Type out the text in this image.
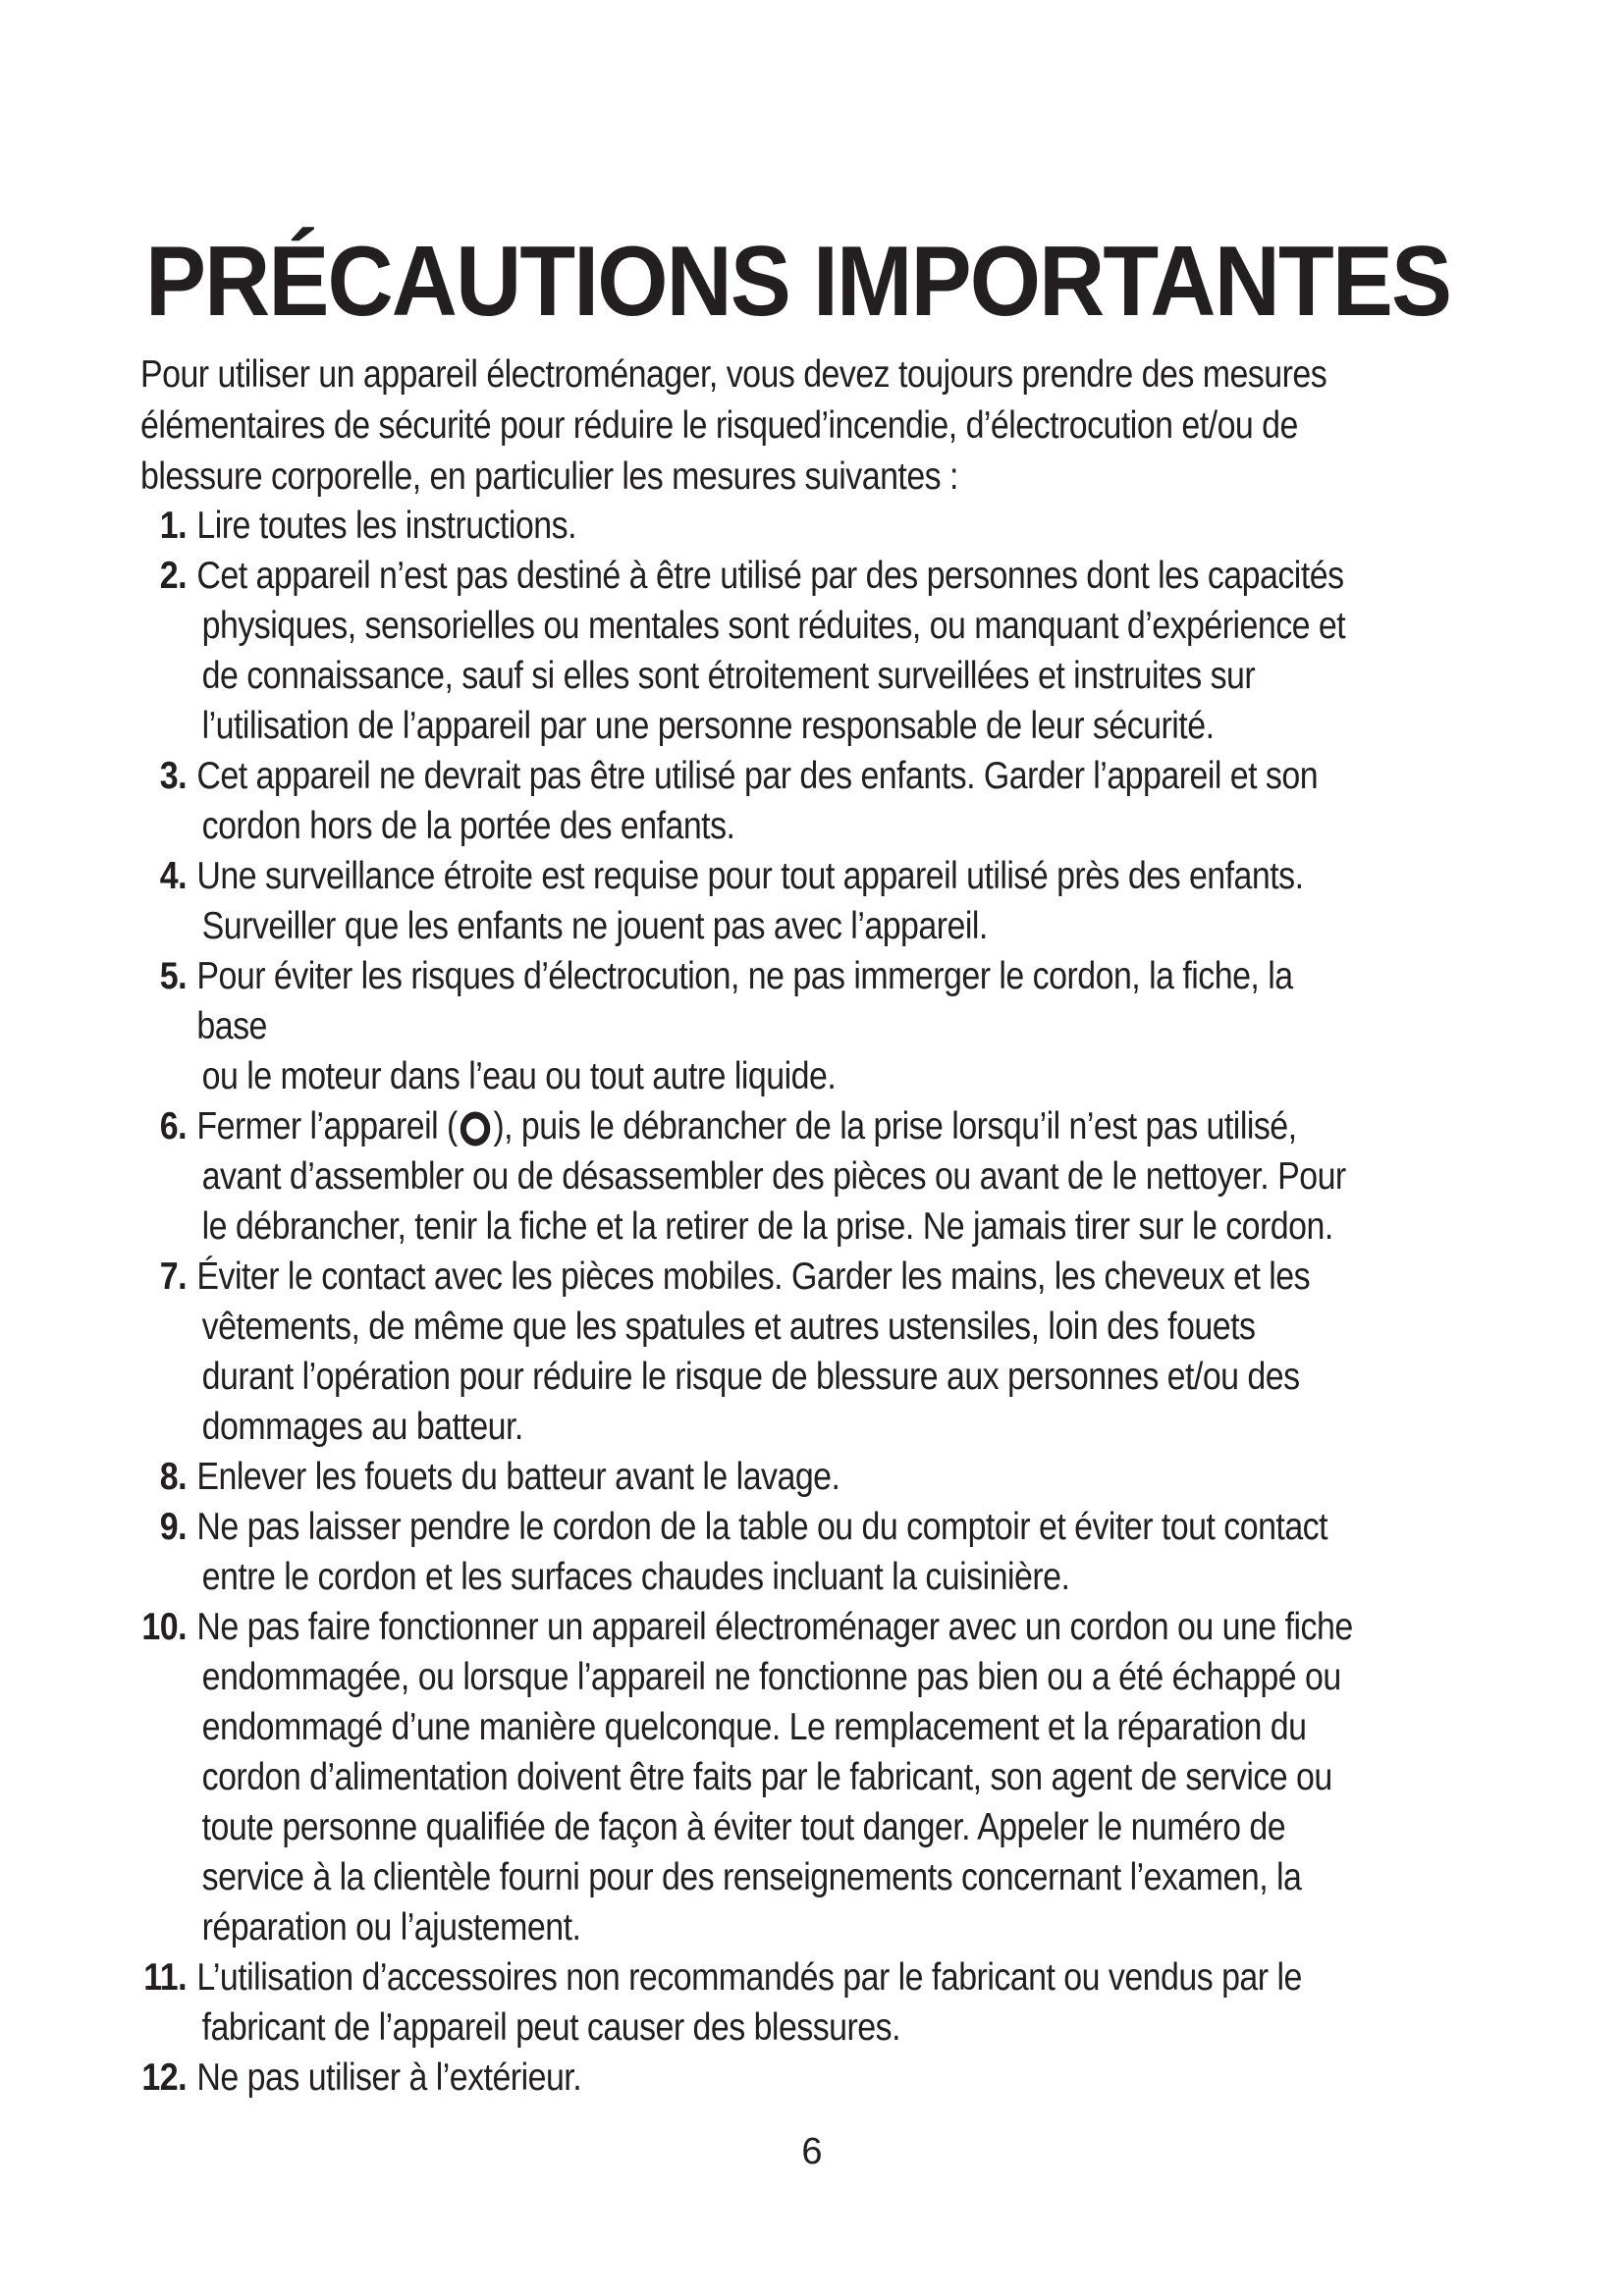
PRÉCAUTIONS IMPORTANTES

Pour utiliser un appareil électroménager, vous devez toujours prendre des mesures élémentaires de sécurité pour réduire le risqued’incendie, d’électrocution et/ou de blessure corporelle, en particulier les mesures suivantes :

1. Lire toutes les instructions.
2. Cet appareil n’est pas destiné à être utilisé par des personnes dont les capacités
physiques, sensorielles ou mentales sont réduites, ou manquant d’expérience et de connaissance, sauf si elles sont étroitement surveillées et instruites sur l’utilisation de l’appareil par une personne responsable de leur sécurité.
3. Cet appareil ne devrait pas être utilisé par des enfants. Garder l’appareil et son
cordon hors de la portée des enfants.
4. Une surveillance étroite est requise pour tout appareil utilisé près des enfants.
Surveiller que les enfants ne jouent pas avec l’appareil.
5. Pour éviter les risques d’électrocution, ne pas immerger le cordon, la fiche, la base
ou le moteur dans l’eau ou tout autre liquide.
6. Fermer l’appareil ( ), puis le débrancher de la prise lorsqu’il n’est pas utilisé,
avant d’assembler ou de désassembler des pièces ou avant de le nettoyer. Pour le débrancher, tenir la fiche et la retirer de la prise. Ne jamais tirer sur le cordon.
7. Éviter le contact avec les pièces mobiles. Garder les mains, les cheveux et les
vêtements, de même que les spatules et autres ustensiles, loin des fouets durant l’opération pour réduire le risque de blessure aux personnes et/ou des dommages au batteur.
8. Enlever les fouets du batteur avant le lavage.
9. Ne pas laisser pendre le cordon de la table ou du comptoir et éviter tout contact
entre le cordon et les surfaces chaudes incluant la cuisinière.
10. Ne pas faire fonctionner un appareil électroménager avec un cordon ou une fiche
endommagée, ou lorsque l’appareil ne fonctionne pas bien ou a été échappé ou endommagé d’une manière quelconque. Le remplacement et la réparation du cordon d’alimentation doivent être faits par le fabricant, son agent de service ou toute personne qualifiée de façon à éviter tout danger. Appeler le numéro de service à la clientèle fourni pour des renseignements concernant l’examen, la réparation ou l’ajustement.
11. L’utilisation d’accessoires non recommandés par le fabricant ou vendus par le
fabricant de l’appareil peut causer des blessures.
12. Ne pas utiliser à l’extérieur.
6
